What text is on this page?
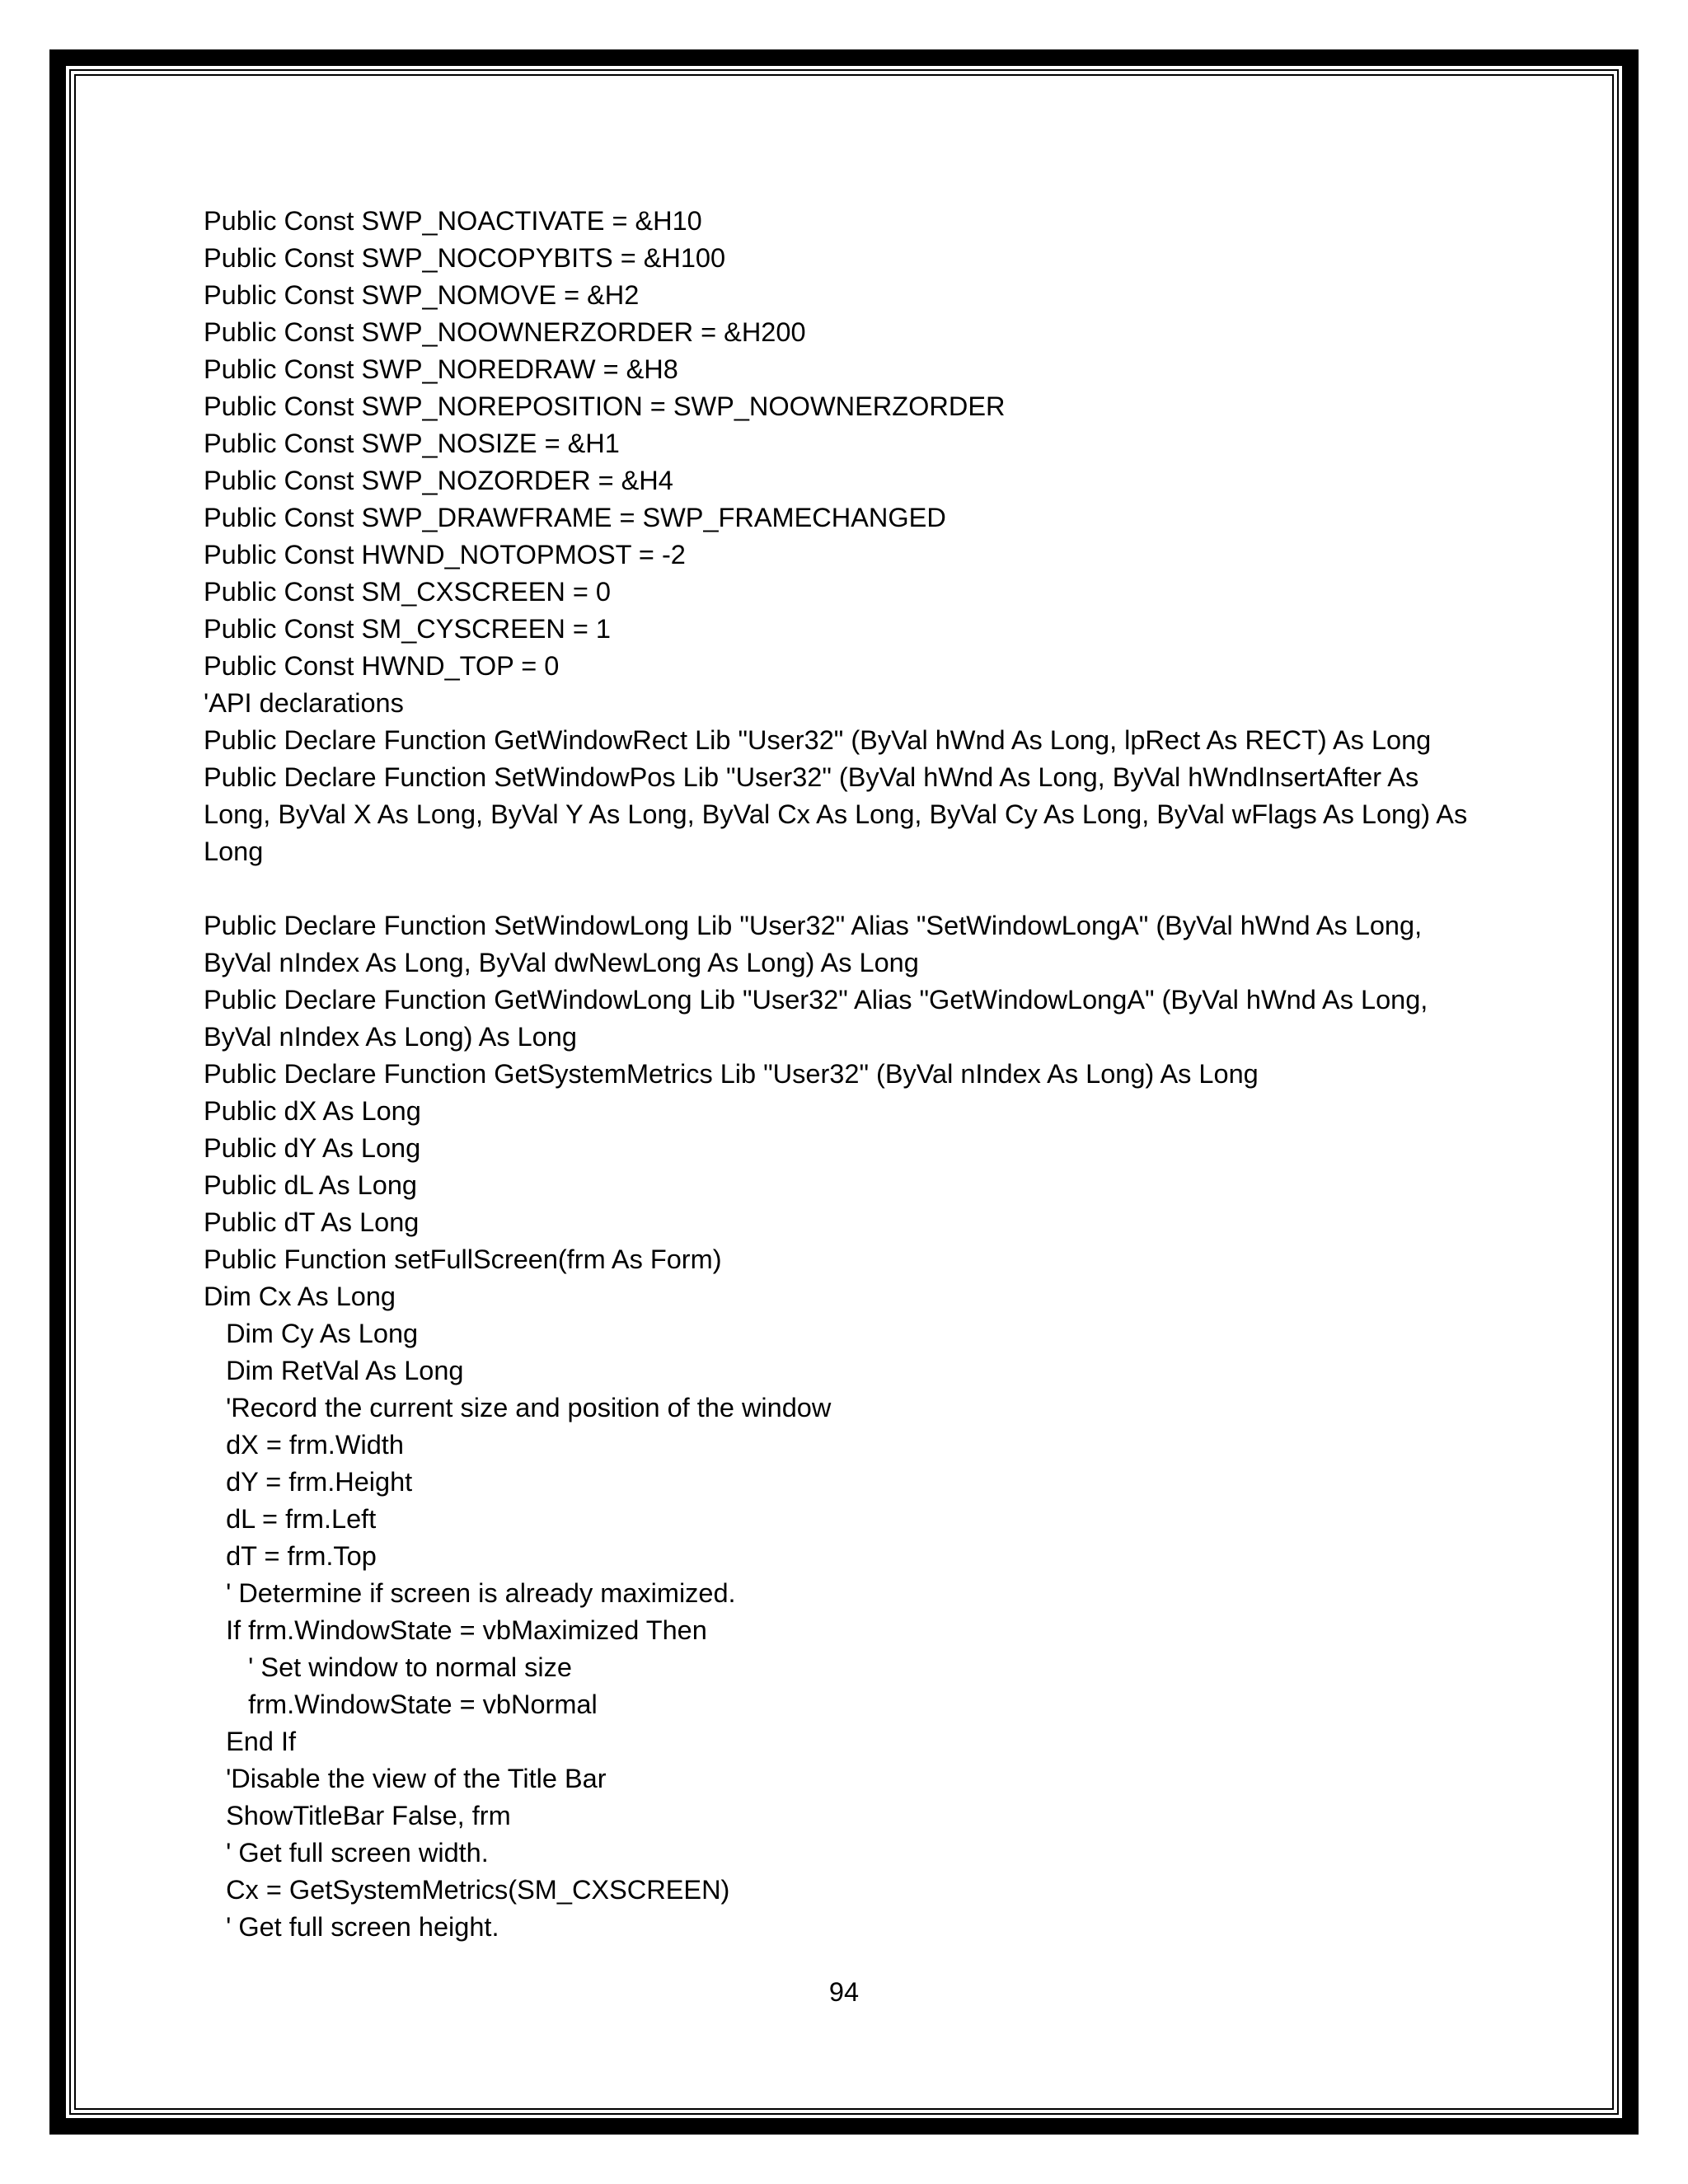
Public Const SWP_NOACTIVATE = &H10
Public Const SWP_NOCOPYBITS = &H100
Public Const SWP_NOMOVE = &H2
Public Const SWP_NOOWNERZORDER = &H200
Public Const SWP_NOREDRAW = &H8
Public Const SWP_NOREPOSITION = SWP_NOOWNERZORDER
Public Const SWP_NOSIZE = &H1
Public Const SWP_NOZORDER = &H4
Public Const SWP_DRAWFRAME = SWP_FRAMECHANGED
Public Const HWND_NOTOPMOST = -2
Public Const SM_CXSCREEN = 0
Public Const SM_CYSCREEN = 1
Public Const HWND_TOP = 0
'API declarations
Public Declare Function GetWindowRect Lib "User32" (ByVal hWnd As Long, lpRect As RECT) As Long
Public Declare Function SetWindowPos Lib "User32" (ByVal hWnd As Long, ByVal hWndInsertAfter As
Long, ByVal X As Long, ByVal Y As Long, ByVal Cx As Long, ByVal Cy As Long, ByVal wFlags As Long) As
Long
Public Declare Function SetWindowLong Lib "User32" Alias "SetWindowLongA" (ByVal hWnd As Long,
ByVal nIndex As Long, ByVal dwNewLong As Long) As Long
Public Declare Function GetWindowLong Lib "User32" Alias "GetWindowLongA" (ByVal hWnd As Long,
ByVal nIndex As Long) As Long
Public Declare Function GetSystemMetrics Lib "User32" (ByVal nIndex As Long) As Long
Public dX As Long
Public dY As Long
Public dL As Long
Public dT As Long
Public Function setFullScreen(frm As Form)
Dim Cx As Long
Dim Cy As Long
Dim RetVal As Long
'Record the current size and position of the window
dX = frm.Width
dY = frm.Height
dL = frm.Left
dT = frm.Top
' Determine if screen is already maximized.
If frm.WindowState = vbMaximized Then
' Set window to normal size
frm.WindowState = vbNormal
End If
'Disable the view of the Title Bar
ShowTitleBar False, frm
' Get full screen width.
Cx = GetSystemMetrics(SM_CXSCREEN)
' Get full screen height.
94
